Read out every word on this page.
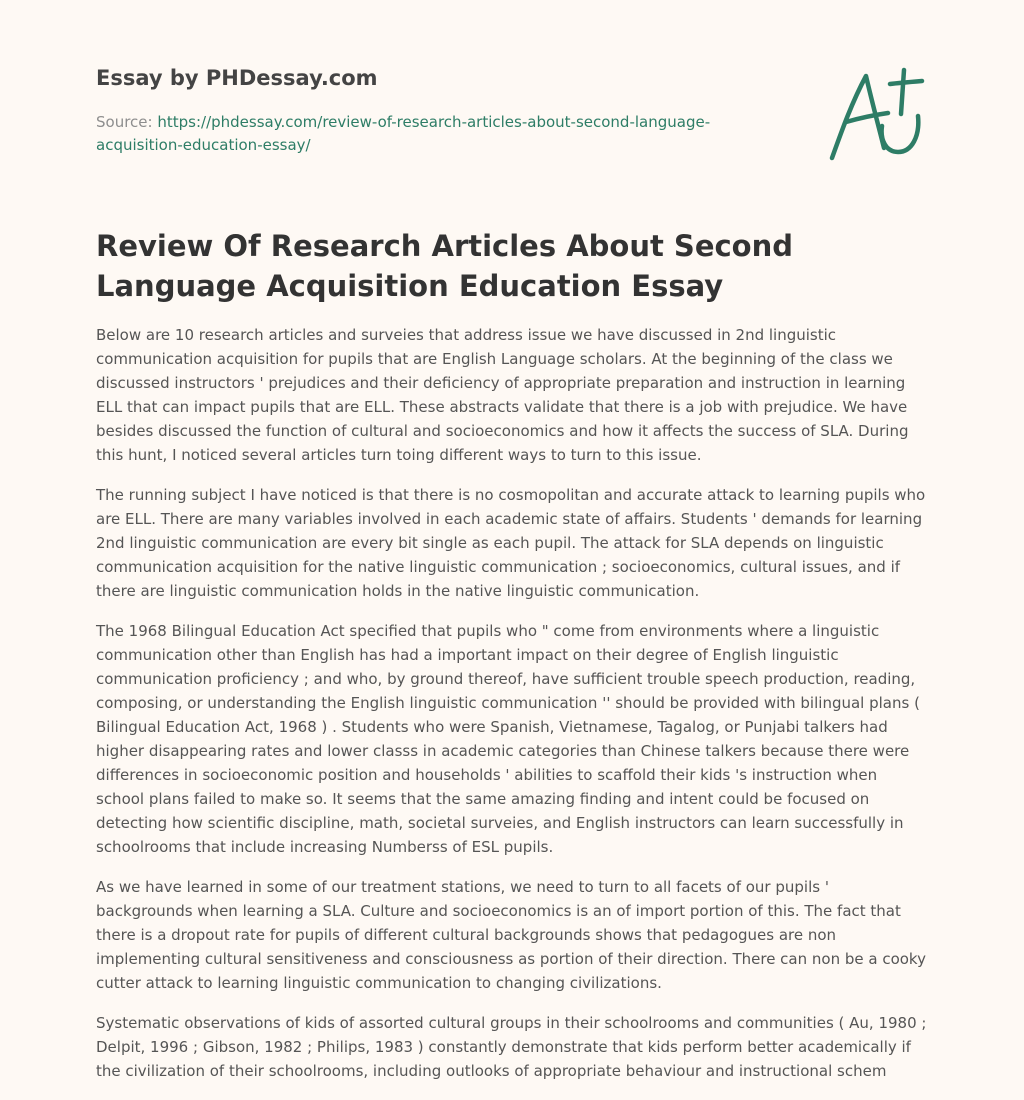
Essay by PHDessay.com
Source: https://phdessay.com/review-of-research-articles-about-second-language-acquisition-education-essay/
Review Of Research Articles About Second Language Acquisition Education Essay

Below are 10 research articles and surveies that address issue we have discussed in 2nd linguistic communication acquisition for pupils that are English Language scholars. At the beginning of the class we discussed instructors ' prejudices and their deficiency of appropriate preparation and instruction in learning ELL that can impact pupils that are ELL. These abstracts validate that there is a job with prejudice. We have besides discussed the function of cultural and socioeconomics and how it affects the success of SLA. During this hunt, I noticed several articles turn toing different ways to turn to this issue.

The running subject I have noticed is that there is no cosmopolitan and accurate attack to learning pupils who are ELL. There are many variables involved in each academic state of affairs. Students ' demands for learning 2nd linguistic communication are every bit single as each pupil. The attack for SLA depends on linguistic communication acquisition for the native linguistic communication ; socioeconomics, cultural issues, and if there are linguistic communication holds in the native linguistic communication.

The 1968 Bilingual Education Act specified that pupils who " come from environments where a linguistic communication other than English has had a important impact on their degree of English linguistic communication proficiency ; and who, by ground thereof, have sufficient trouble speech production, reading, composing, or understanding the English linguistic communication '' should be provided with bilingual plans ( Bilingual Education Act, 1968 ) . Students who were Spanish, Vietnamese, Tagalog, or Punjabi talkers had higher disappearing rates and lower classs in academic categories than Chinese talkers because there were differences in socioeconomic position and households ' abilities to scaffold their kids 's instruction when school plans failed to make so. It seems that the same amazing finding and intent could be focused on detecting how scientific discipline, math, societal surveies, and English instructors can learn successfully in schoolrooms that include increasing Numberss of ESL pupils.

As we have learned in some of our treatment stations, we need to turn to all facets of our pupils ' backgrounds when learning a SLA. Culture and socioeconomics is an of import portion of this. The fact that there is a dropout rate for pupils of different cultural backgrounds shows that pedagogues are non implementing cultural sensitiveness and consciousness as portion of their direction. There can non be a cooky cutter attack to learning linguistic communication to changing civilizations.

Systematic observations of kids of assorted cultural groups in their schoolrooms and communities ( Au, 1980 ; Delpit, 1996 ; Gibson, 1982 ; Philips, 1983 ) constantly demonstrate that kids perform better academically if the civilization of their schoolrooms, including outlooks of appropriate behaviour and instructional schem
